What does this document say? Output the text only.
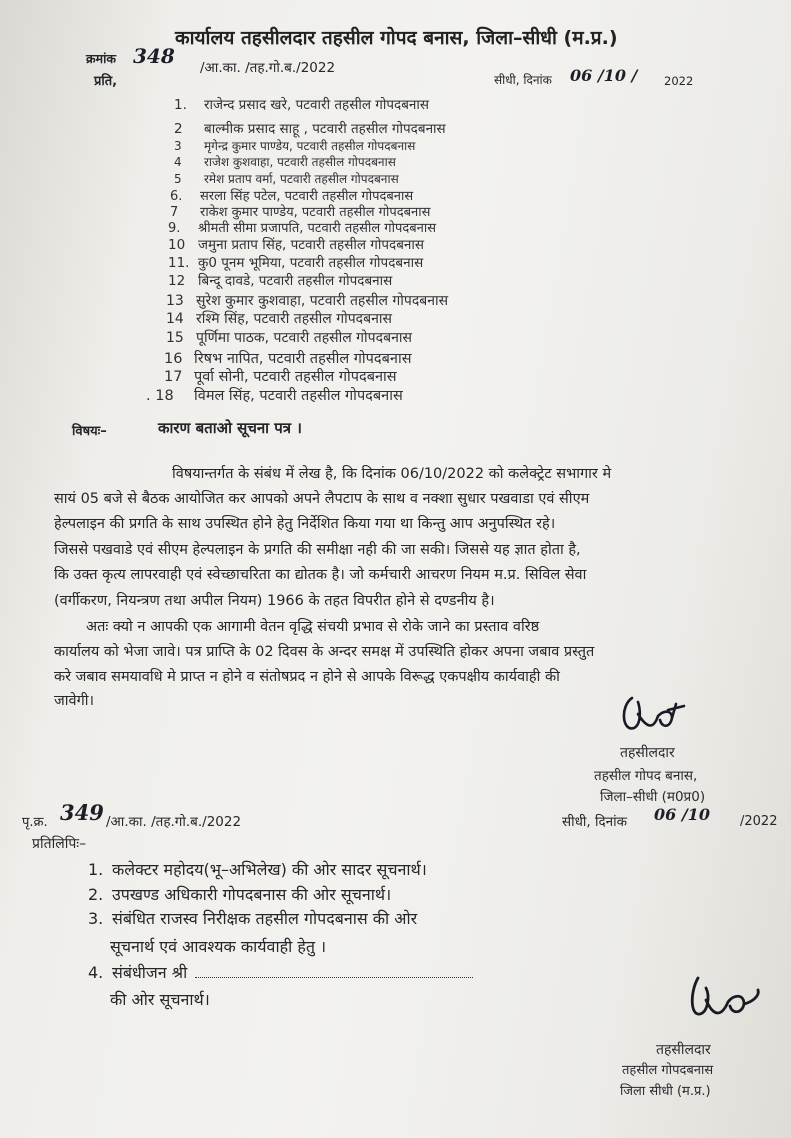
कार्यालय तहसीलदार तहसील गोपद बनास, जिला–सीधी (म.प्र.)
क्रमांक 348 /आ.का. /तह.गो.ब./2022
प्रति,	सीधी, दिनांक 06 /10 / 2022
1. राजेन्द प्रसाद खरे, पटवारी तहसील गोपदबनास
2 बाल्मीक प्रसाद साहू , पटवारी तहसील गोपदबनास
3 मृगेन्द्र कुमार पाण्डेय, पटवारी तहसील गोपदबनास
4 राजेश कुशवाहा, पटवारी तहसील गोपदबनास
5 रमेश प्रताप वर्मा, पटवारी तहसील गोपदबनास
6. सरला सिंह पटेल, पटवारी तहसील गोपदबनास
7 राकेश कुमार पाण्डेय, पटवारी तहसील गोपदबनास
9. श्रीमती सीमा प्रजापति, पटवारी तहसील गोपदबनास
10 जमुना प्रताप सिंह, पटवारी तहसील गोपदबनास
11. कु0 पूनम भूमिया, पटवारी तहसील गोपदबनास
12 बिन्दू दावडे, पटवारी तहसील गोपदबनास
13 सुरेश कुमार कुशवाहा, पटवारी तहसील गोपदबनास
14 रश्मि सिंह, पटवारी तहसील गोपदबनास
15 पूर्णिमा पाठक, पटवारी तहसील गोपदबनास
16 रिषभ नापित, पटवारी तहसील गोपदबनास
17 पूर्वा सोनी, पटवारी तहसील गोपदबनास
. 18 विमल सिंह, पटवारी तहसील गोपदबनास
विषयः–	कारण बताओ सूचना पत्र ।
विषयान्तर्गत के संबंध में लेख है, कि दिनांक 06/10/2022 को कलेक्ट्रेट सभागार मे
सायं 05 बजे से बैठक आयोजित कर आपको अपने लैपटाप के साथ व नक्शा सुधार पखवाडा एवं सीएम
हेल्पलाइन की प्रगति के साथ उपस्थित होने हेतु निर्देशित किया गया था किन्तु आप अनुपस्थित रहे।
जिससे पखवाडे एवं सीएम हेल्पलाइन के प्रगति की समीक्षा नही की जा सकी। जिससे यह ज्ञात होता है,
कि उक्त कृत्य लापरवाही एवं स्वेच्छाचरिता का द्योतक है। जो कर्मचारी आचरण नियम म.प्र. सिविल सेवा
(वर्गीकरण, नियन्त्रण तथा अपील नियम) 1966 के तहत विपरीत होने से दण्डनीय है।
अतः क्यो न आपकी एक आगामी वेतन वृद्धि संचयी प्रभाव से रोके जाने का प्रस्ताव वरिष्ठ
कार्यालय को भेजा जावे। पत्र प्राप्ति के 02 दिवस के अन्दर समक्ष में उपस्थिति होकर अपना जबाव प्रस्तुत
करे जबाव समयावधि मे प्राप्त न होने व संतोषप्रद न होने से आपके विरूद्ध एकपक्षीय कार्यवाही की
जावेगी।
तहसीलदार
तहसील गोपद बनास,
जिला–सीधी (म0प्र0)
पृ.क्र. 349 /आ.का. /तह.गो.ब./2022	सीधी, दिनांक 06 /10 /2022
प्रतिलिपिः–
1. कलेक्टर महोदय(भू–अभिलेख) की ओर सादर सूचनार्थ।
2. उपखण्ड अधिकारी गोपदबनास की ओर सूचनार्थ।
3. संबंधित राजस्व निरीक्षक तहसील गोपदबनास की ओर
सूचनार्थ एवं आवश्यक कार्यवाही हेतु ।
4. संबंधीजन श्री
की ओर सूचनार्थ।
तहसीलदार
तहसील गोपदबनास
जिला सीधी (म.प्र.)
